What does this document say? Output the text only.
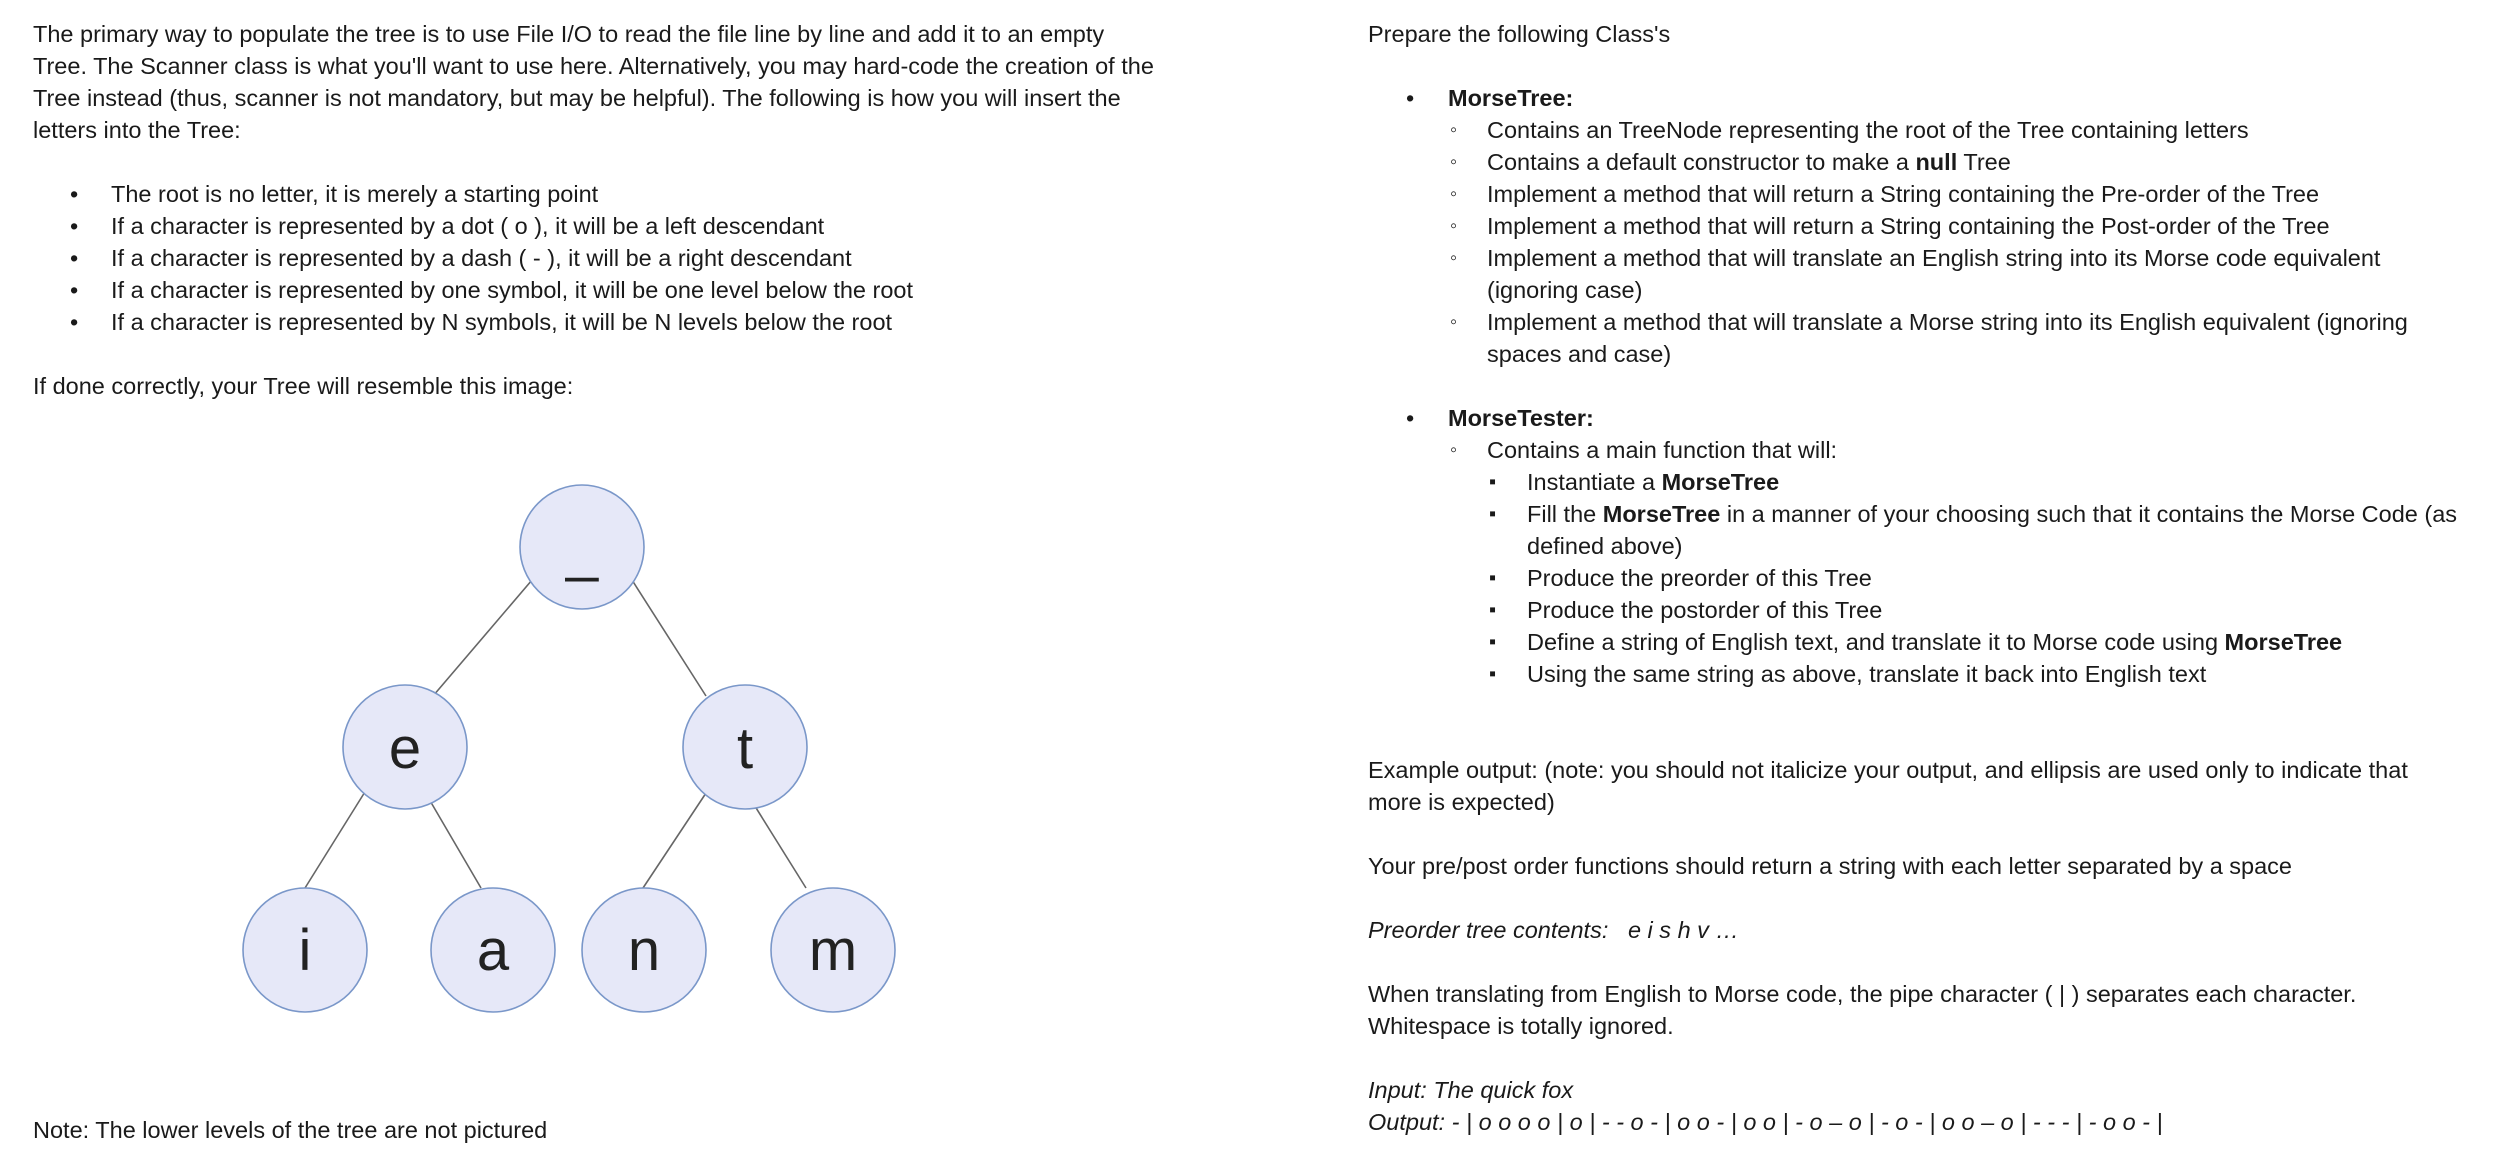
The primary way to populate the tree is to use File I/O to read the file line by line and add it to an empty Tree. The Scanner class is what you'll want to use here. Alternatively, you may hard-code the creation of the Tree instead (thus, scanner is not mandatory, but may be helpful). The following is how you will insert the letters into the Tree:

• The root is no letter, it is merely a starting point
• If a character is represented by a dot ( o ), it will be a left descendant
• If a character is represented by a dash ( - ), it will be a right descendant
• If a character is represented by one symbol, it will be one level below the root
• If a character is represented by N symbols, it will be N levels below the root

If done correctly, your Tree will resemble this image:

_
e	t
i	a n	m

Note: The lower levels of the tree are not pictured

Prepare the following Class's

• MorseTree:
◦ Contains an TreeNode representing the root of the Tree containing letters
◦ Contains a default constructor to make a null Tree
◦ Implement a method that will return a String containing the Pre-order of the Tree
◦ Implement a method that will return a String containing the Post-order of the Tree
◦ Implement a method that will translate an English string into its Morse code equivalent (ignoring case)
◦ Implement a method that will translate a Morse string into its English equivalent (ignoring spaces and case)
• MorseTester:
◦ Contains a main function that will:
▪ Instantiate a MorseTree
▪ Fill the MorseTree in a manner of your choosing such that it contains the Morse Code (as defined above)
▪ Produce the preorder of this Tree
▪ Produce the postorder of this Tree
▪ Define a string of English text, and translate it to Morse code using MorseTree
▪ Using the same string as above, translate it back into English text

Example output: (note: you should not italicize your output, and ellipsis are used only to indicate that more is expected)

Your pre/post order functions should return a string with each letter separated by a space

Preorder tree contents: e i s h v …

When translating from English to Morse code, the pipe character ( | ) separates each character. Whitespace is totally ignored.

Input: The quick fox

Output: - | o o o o | o | - - o - | o o - | o o | - o – o | - o - | o o – o | - - - | - o o - |
